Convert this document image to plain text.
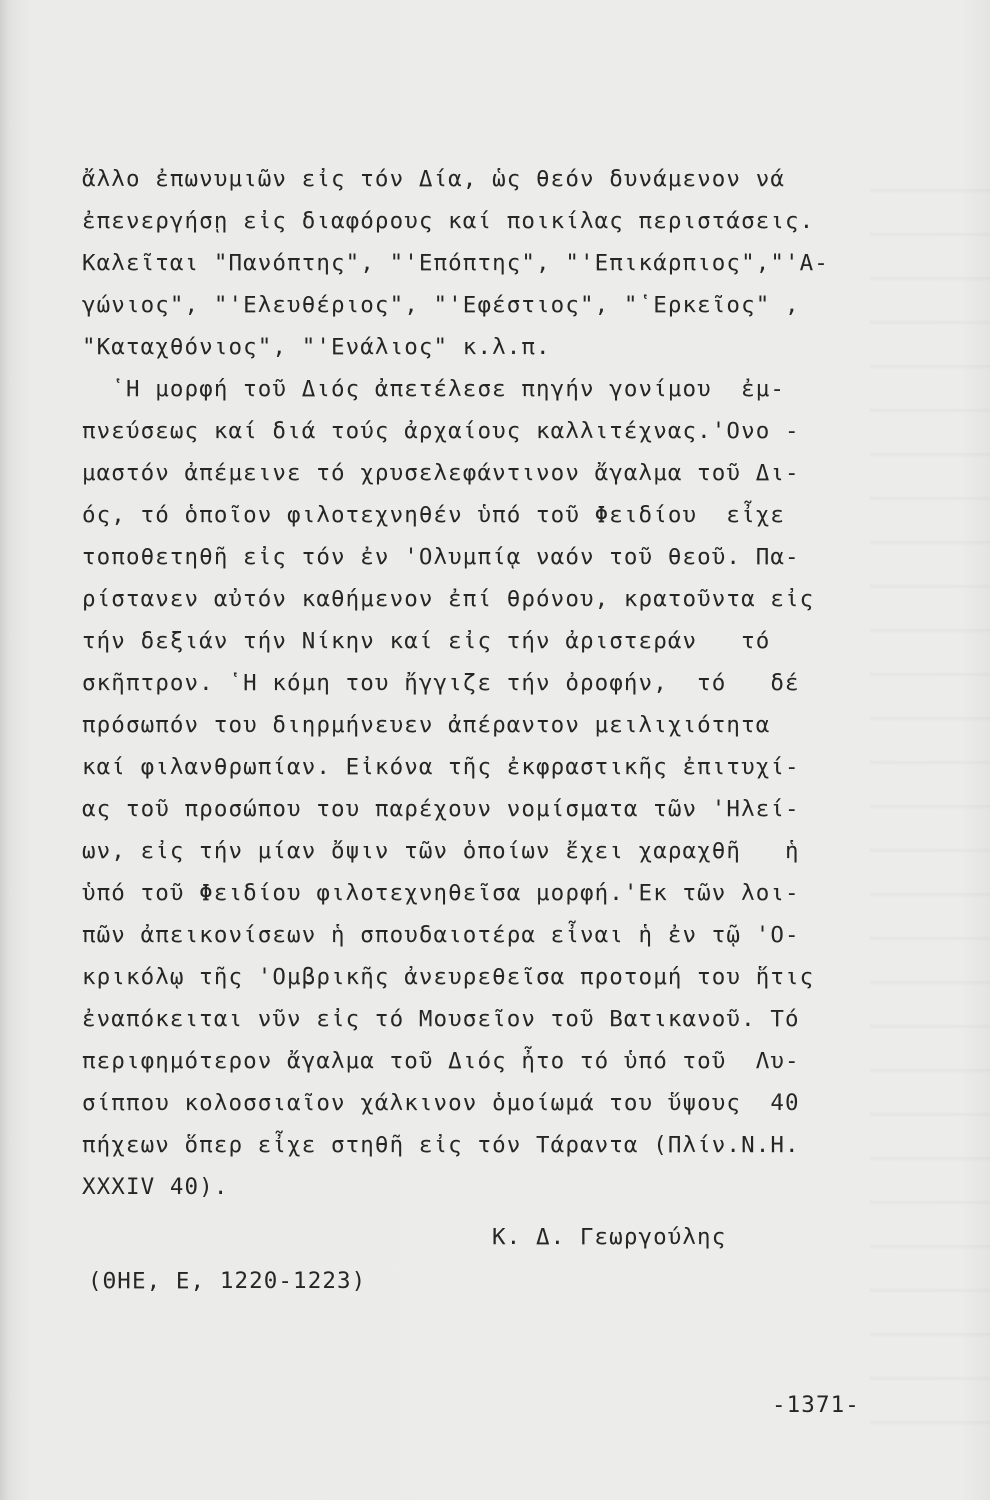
ἄλλο ἐπωνυμιῶν εἰς τόν Δία, ὡς θεόν δυνάμενον νά
ἐπενεργήσῃ εἰς διαφόρους καί ποικίλας περιστάσεις.
Καλεῖται "Πανόπτης", "'Επόπτης", "'Επικάρπιος","'Α-
γώνιος", "'Ελευθέριος", "'Εφέστιος", "῾Ερκεῖος" ,
"Καταχθόνιος", "'Ενάλιος" κ.λ.π.
῾Η μορφή τοῦ Διός ἀπετέλεσε πηγήν γονίμου  ἐμ-
πνεύσεως καί διά τούς ἀρχαίους καλλιτέχνας.'Ονο -
μαστόν ἀπέμεινε τό χρυσελεφάντινον ἄγαλμα τοῦ Δι-
ός, τό ὁποῖον φιλοτεχνηθέν ὑπό τοῦ Φειδίου  εἶχε
τοποθετηθῆ εἰς τόν ἐν 'Ολυμπίᾳ ναόν τοῦ θεοῦ. Πα-
ρίστανεν αὐτόν καθήμενον ἐπί θρόνου, κρατοῦντα εἰς
τήν δεξιάν τήν Νίκην καί εἰς τήν ἀριστεράν   τό
σκῆπτρον. ῾Η κόμη του ἤγγιζε τήν ὀροφήν,  τό   δέ
πρόσωπόν του διηρμήνευεν ἀπέραντον μειλιχιότητα
καί φιλανθρωπίαν. Εἰκόνα τῆς ἐκφραστικῆς ἐπιτυχί-
ας τοῦ προσώπου του παρέχουν νομίσματα τῶν 'Ηλεί-
ων, εἰς τήν μίαν ὄψιν τῶν ὁποίων ἔχει χαραχθῆ   ἡ
ὑπό τοῦ Φειδίου φιλοτεχνηθεῖσα μορφή.'Εκ τῶν λοι-
πῶν ἀπεικονίσεων ἡ σπουδαιοτέρα εἶναι ἡ ἐν τῷ 'Ο-
κρικόλῳ τῆς 'Ομβρικῆς ἀνευρεθεῖσα προτομή του ἥτις
ἐναπόκειται νῦν εἰς τό Μουσεῖον τοῦ Βατικανοῦ. Τό
περιφημότερον ἄγαλμα τοῦ Διός ἦτο τό ὑπό τοῦ  Λυ-
σίππου κολοσσιαῖον χάλκινον ὁμοίωμά του ὕψους  40
πήχεων ὅπερ εἶχε στηθῆ εἰς τόν Τάραντα (Πλίν.Ν.Η.
XXXIV 40).
Κ. Δ. Γεωργούλης
(ΘΗΕ, Ε, 1220-1223)
-1371-
